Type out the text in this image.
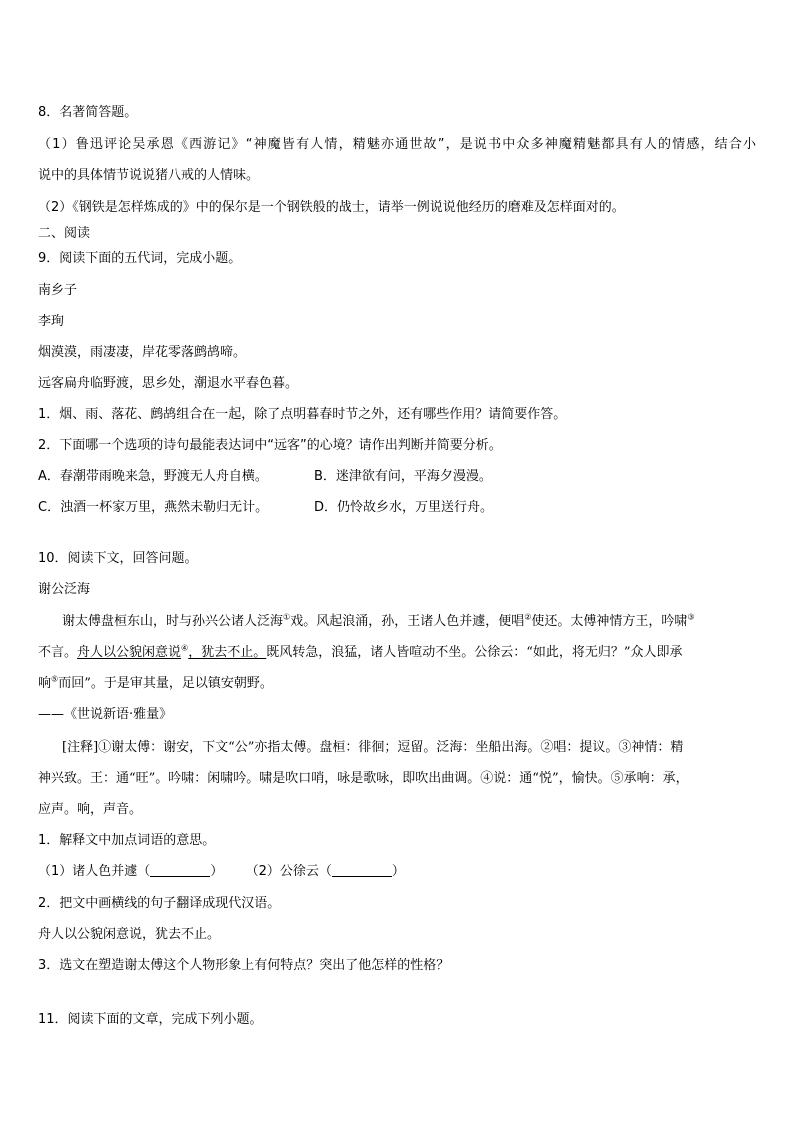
8．名著简答题。
（1）鲁迅评论吴承恩《西游记》“神魔皆有人情，精魅亦通世故”，是说书中众多神魔精魅都具有人的情感，结合小
说中的具体情节说说猪八戒的人情味。
（2）《钢铁是怎样炼成的》中的保尔是一个钢铁般的战士，请举一例说说他经历的磨难及怎样面对的。
二、阅读
9．阅读下面的五代词，完成小题。
南乡子
李珣
烟漠漠，雨凄凄，岸花零落鹧鸪啼。
远客扁舟临野渡，思乡处，潮退水平春色暮。
1．烟、雨、落花、鹧鸪组合在一起，除了点明暮春时节之外，还有哪些作用？请简要作答。
2．下面哪一个选项的诗句最能表达词中“远客”的心境？请作出判断并简要分析。
A．春潮带雨晚来急，野渡无人舟自横。	B．迷津欲有问，平海夕漫漫。
C．浊酒一杯家万里，燕然未勒归无计。	D．仍怜故乡水，万里送行舟。
10．阅读下文，回答问题。
谢公泛海
谢太傅盘桓东山，时与孙兴公诸人泛海①戏。风起浪涌，孙，王诸人色并遽，便唱②使还。太傅神情方王，吟啸③
不言。舟人以公貌闲意说④，犹去不止。既风转急，浪猛，诸人皆喧动不坐。公徐云：“如此，将无归？”众人即承
响⑤而回”。于是审其量，足以镇安朝野。
——《世说新语·雅量》
[注释]①谢太傅：谢安，下文“公”亦指太傅。盘桓：徘徊；逗留。泛海：坐船出海。②唱：提议。③神情：精
神兴致。王：通“旺”。吟啸：闲啸吟。啸是吹口哨，咏是歌咏，即吹出曲调。④说：通“悦”，愉快。⑤承响：承，
应声。响，声音。
1．解释文中加点词语的意思。
（1）诸人色并遽（	） （2）公徐云（	）
2．把文中画横线的句子翻译成现代汉语。
舟人以公貌闲意说，犹去不止。
3．选文在塑造谢太傅这个人物形象上有何特点？突出了他怎样的性格？
11．阅读下面的文章，完成下列小题。
